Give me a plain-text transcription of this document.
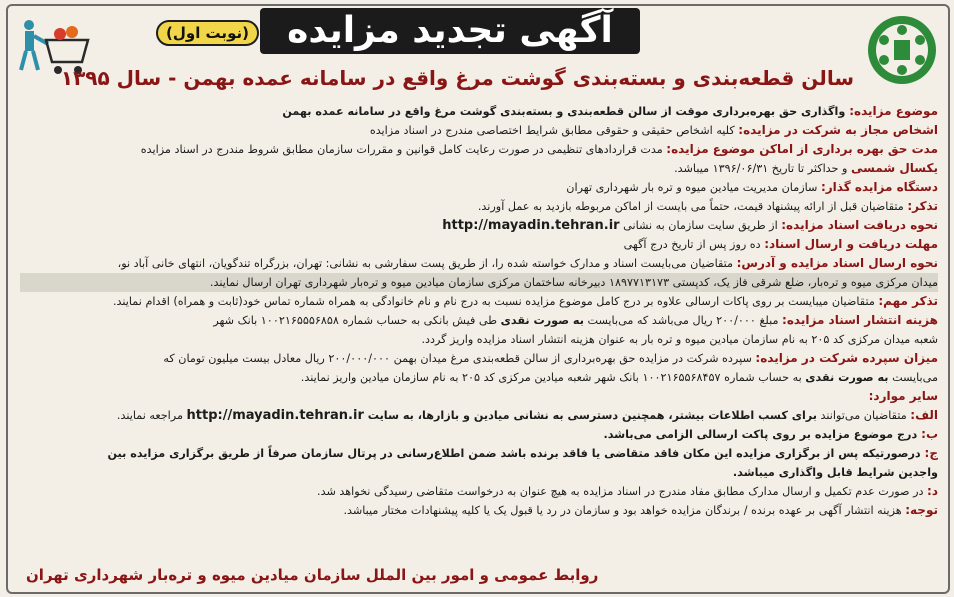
(نوبت اول)	آگهی تجدید مزایده
سالن قطعه‌بندی و بسته‌بندی گوشت مرغ واقع در سامانه عمده بهمن - سال ۱۳۹۵
موضوع مزایده: واگذاری حق بهره‌برداری موقت از سالن قطعه‌بندی و بسته‌بندی گوشت مرغ واقع در سامانه عمده بهمن
اشخاص مجاز به شرکت در مزایده: کلیه اشخاص حقیقی و حقوقی مطابق شرایط اختصاصی مندرج در اسناد مزایده
مدت حق بهره برداری از اماکن موضوع مزایده: مدت قراردادهای تنظیمی در صورت رعایت کامل قوانین و مقررات سازمان مطابق شروط مندرج در اسناد مزایده
یکسال شمسی و حداکثر تا تاریخ ۱۳۹۶/۰۶/۳۱ میباشد.
دستگاه مزایده گذار: سازمان مدیریت میادین میوه و تره بار شهرداری تهران
تذکر: متقاضیان قبل از ارائه پیشنهاد قیمت، حتماً می بایست از اماکن مربوطه بازدید به عمل آورند.
نحوه دریافت اسناد مزایده: از طریق سایت سازمان به نشانی http://mayadin.tehran.ir
مهلت دریافت و ارسال اسناد: ده روز پس از تاریخ درج آگهی
نحوه ارسال اسناد مزایده و آدرس: متقاضیان می‌بایست اسناد و مدارک خواسته شده را، از طریق پست سفارشی به نشانی: تهران، بزرگراه تندگویان، انتهای خانی آباد نو،
میدان مرکزی میوه و تره‌بار، ضلع شرقی فاز یک، کدپستی ۱۸۹۷۷۱۳۱۷۳ دبیرخانه ساختمان مرکزی سازمان میادین میوه و تره‌بار شهرداری تهران ارسال نمایند.
تذکر مهم: متقاضیان میبایست بر روی پاکات ارسالی علاوه بر درج کامل موضوع مزایده نسبت به درج نام و نام خانوادگی به همراه شماره تماس خود(ثابت و همراه) اقدام نمایند.
هزینه انتشار اسناد مزایده: مبلغ ۲۰۰/۰۰۰ ریال می‌باشد که می‌بایست به صورت نقدی طی فیش بانکی به حساب شماره ۱۰۰۲۱۶۵۵۵۶۸۵۸ بانک شهر
شعبه میدان مرکزی کد ۲۰۵ به نام سازمان میادین میوه و تره بار به عنوان هزینه انتشار اسناد مزایده واریز گردد.
میزان سپرده شرکت در مزایده: سپرده شرکت در مزایده حق بهره‌برداری از سالن قطعه‌بندی مرغ میدان بهمن ۲۰۰/۰۰۰/۰۰۰ ریال معادل بیست میلیون تومان که
می‌بایست به صورت نقدی به حساب شماره ۱۰۰۲۱۶۵۵۶۸۴۵۷ بانک شهر شعبه میادین مرکزی کد ۲۰۵ به نام سازمان میادین واریز نمایند.
سایر موارد:
الف: متقاضیان می‌توانند برای کسب اطلاعات بیشتر، همچنین دسترسی به نشانی میادین و بازارها، به سایت http://mayadin.tehran.ir مراجعه نمایند.
ب: درج موضوع مزایده بر روی پاکت ارسالی الزامی می‌باشد.
ج: درصورتیکه پس از برگزاری مزایده این مکان فاقد متقاضی یا فاقد برنده باشد ضمن اطلاع‌رسانی در پرتال سازمان صرفاً از طریق برگزاری مزایده بین
واجدین شرایط قابل واگذاری میباشد.
د: در صورت عدم تکمیل و ارسال مدارک مطابق مفاد مندرج در اسناد مزایده به هیچ عنوان به درخواست متقاضی رسیدگی نخواهد شد.
توجه: هزینه انتشار آگهی بر عهده برنده / برندگان مزایده خواهد بود و سازمان در رد یا قبول یک یا کلیه پیشنهادات مختار میباشد.
روابط عمومی و امور بین الملل سازمان میادین میوه و تره‌بار شهرداری تهران
